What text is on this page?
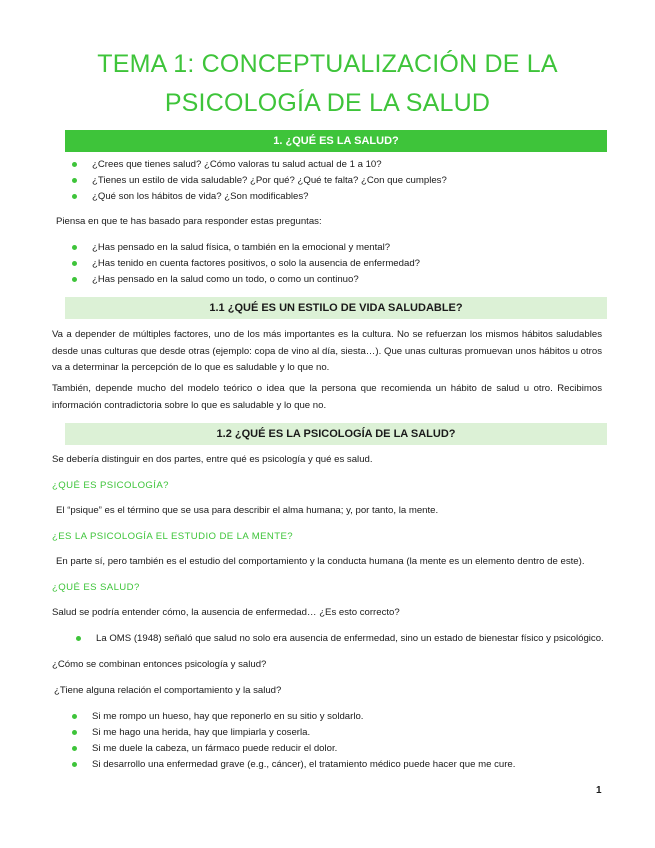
TEMA 1: CONCEPTUALIZACIÓN DE LA
PSICOLOGÍA DE LA SALUD
1. ¿QUÉ ES LA SALUD?
¿Crees que tienes salud? ¿Cómo valoras tu salud actual de 1 a 10?
¿Tienes un estilo de vida saludable? ¿Por qué? ¿Qué te falta? ¿Con que cumples?
¿Qué son los hábitos de vida? ¿Son modificables?

Piensa en que te has basado para responder estas preguntas:

¿Has pensado en la salud física, o también en la emocional y mental?
¿Has tenido en cuenta factores positivos, o solo la ausencia de enfermedad?
¿Has pensado en la salud como un todo, o como un continuo?
1.1 ¿QUÉ ES UN ESTILO DE VIDA SALUDABLE?

Va a depender de múltiples factores, uno de los más importantes es la cultura. No se refuerzan los mismos hábitos saludables desde unas culturas que desde otras (ejemplo: copa de vino al día, siesta…). Que unas culturas promuevan unos hábitos u otros va a determinar la percepción de lo que es saludable y lo que no.

También, depende mucho del modelo teórico o idea que la persona que recomienda un hábito de salud u otro. Recibimos información contradictoria sobre lo que es saludable y lo que no.

1.2 ¿QUÉ ES LA PSICOLOGÍA DE LA SALUD?

Se debería distinguir en dos partes, entre qué es psicología y qué es salud.

¿QUÉ ES PSICOLOGÍA?

El “psique” es el término que se usa para describir el alma humana; y, por tanto, la mente.

¿ES LA PSICOLOGÍA EL ESTUDIO DE LA MENTE?

En parte sí, pero también es el estudio del comportamiento y la conducta humana (la mente es un elemento dentro de este).

¿QUÉ ES SALUD?

Salud se podría entender cómo, la ausencia de enfermedad… ¿Es esto correcto?

La OMS (1948) señaló que salud no solo era ausencia de enfermedad, sino un estado de bienestar físico y psicológico.

¿Cómo se combinan entonces psicología y salud?

¿Tiene alguna relación el comportamiento y la salud?

Si me rompo un hueso, hay que reponerlo en su sitio y soldarlo.
Si me hago una herida, hay que limpiarla y coserla.
Si me duele la cabeza, un fármaco puede reducir el dolor.
Si desarrollo una enfermedad grave (e.g., cáncer), el tratamiento médico puede hacer que me cure.
1
